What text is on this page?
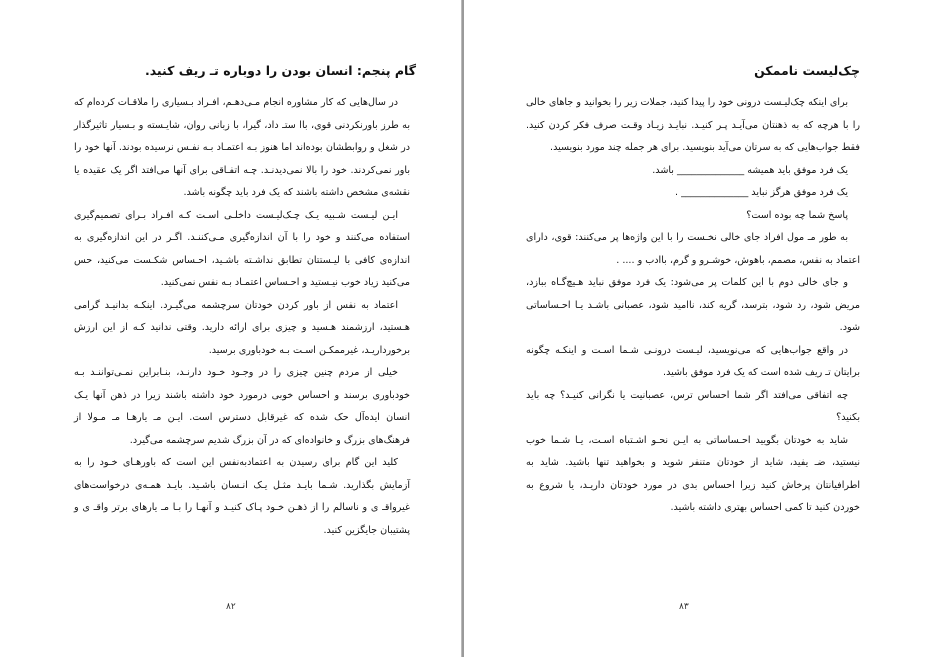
گام پنجم: انسان بودن را دوباره تـ ریف کنید.

در سال‌هایی که کار مشاوره انجام مـی‌دهـم، افـراد بـسیاری را ملاقـات کرده‌ام که به طرز باورنکردنی قوی، باا ستـ داد، گیرا، با زبانی روان، شایـسته و بـسیار تاثیرگذار در شغل و روابطشان بوده‌اند اما هنوز بـه اعتمـاد بـه نفـس نرسیده بودند. آنها خود را باور نمی‌کردند. خود را بالا نمی‌دیدنـد. چـه اتفـاقی برای آنها می‌افتد اگر یک عقیده یا نقشه‌ی مشخص داشته باشند که یک فرد باید چگونه باشد.

ایـن لیـست شـبیه یـک چـک‌لیـست داخلـی اسـت کـه افـراد بـرای تصمیم‌گیری استفاده می‌کنند و خود را با آن اندازه‌گیری مـی‌کننـد. اگـر در این اندازه‌گیری به اندازه‌ی کافی با لیـستتان تطابق نداشـته باشـید، احـساس شکـست می‌کنید، حس می‌کنید زیاد خوب نیـستید و احـساس اعتمـاد بـه نفس نمی‌کنید.

اعتماد به نفس از باور کردن خودتان سرچشمه می‌گیـرد. اینکـه بدانیـد گرامی هـستید، ارزشمند هـسید و چیزی برای ارائه دارید. وقتی ندانید کـه از این ارزش برخورداریـد، غیرممکـن اسـت بـه خودباوری برسید.

خیلی از مردم چنین چیزی را در وجـود خـود دارنـد، بنـابراین نمـی‌تواننـد بـه خودباوری برسند و احساس خوبی درمورد خود داشته باشند زیرا در ذهن آنها یـک انسان ایده‌آل حک شده که غیرقابل دسترس است. ایـن مـ یارهـا مـ مـولا از فرهنگ‌های بزرگ و خانواده‌ای که در آن بزرگ شدیم سرچشمه می‌گیرد.

کلید این گام برای رسیدن به اعتمادبه‌نفس این است که باورهـای خـود را به آزمایش بگذارید. شـما بایـد مثـل یـک انـسان باشـید. بایـد همـه‌ی درخواست‌های غیرواقـ ی و ناسالم را از ذهـن خـود پـاک کنیـد و آنهـا را بـا مـ یارهای برتر واقـ ی و پشتیبان جایگزین کنید.

۸۲
چک‌لیست ناممکن

برای اینکه چک‌لیـست درونی خود را پیدا کنید، جملات زیر را بخوانید و جاهای خالی را با هرچه که به ذهنتان می‌آیـد پـر کنیـد. نبایـد زیـاد وقـت صرف فکر کردن کنید. فقط جواب‌هایی که به سرتان می‌آید بنویسید. برای هر جمله چند مورد بنویسید.

یک فرد موفق باید همیشه ______________ باشد.

یک فرد موفق هرگز نباید ______________ .

پاسخ شما چه بوده است؟

به طور مـ مول افراد جای خالی نخـست را با این واژه‌ها پر می‌کنند: قوی، دارای اعتماد به نفس، مصمم، باهوش، خوشـرو و گرم، باادب و .... .

و جای خالی دوم با این کلمات پر می‌شود: یک فرد موفق نباید هـیچ‌گـاه ببازد، مریض شود، رد شود، بترسد، گریه کند، ناامید شود، عصبانی باشـد یـا احـساساتی شود.

در واقع جواب‌هایی که می‌نویسید، لیـست درونـی شـما اسـت و اینکـه چگونه برایتان تـ ریف شده است که یک فرد موفق باشید.

چه اتفاقی می‌افتد اگر شما احساس ترس، عصبانیت یا نگرانی کنیـد؟ چه باید بکنید؟

شاید به خودتان بگویید احـساساتی به ایـن نحـو اشـتباه اسـت، یـا شـما خوب نیستید، ضـ یفید، شاید از خودتان متنفر شوید و بخواهید تنها باشید. شاید به اطرافیانتان پرخاش کنید زیرا احساس بدی در مورد خودتان داریـد، یا شروع به خوردن کنید تا کمی احساس بهتری داشته باشید.

۸۳
